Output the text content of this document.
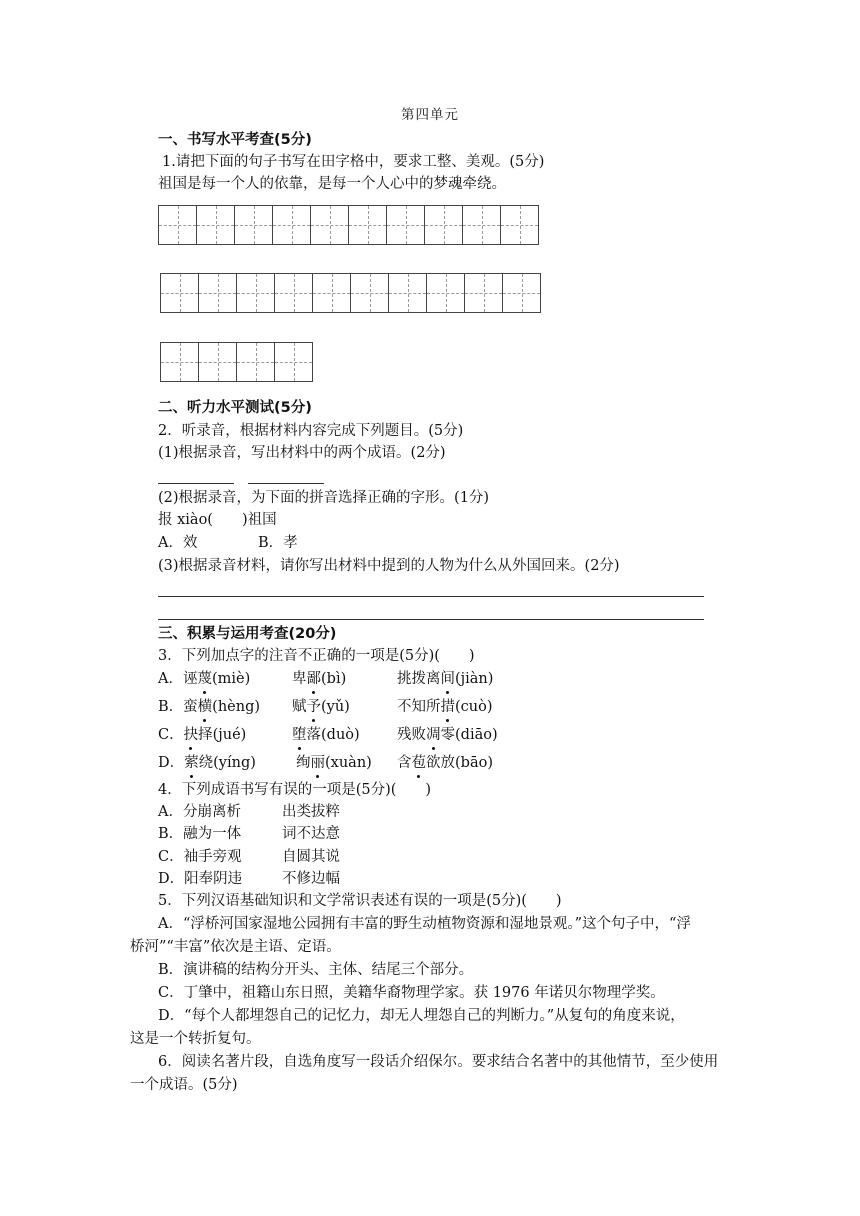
第四单元
一、书写水平考查(5分)
1.请把下面的句子书写在田字格中，要求工整、美观。(5分)
祖国是每一个人的依靠，是每一个人心中的梦魂牵绕。
二、听力水平测试(5分)
2．听录音，根据材料内容完成下列题目。(5分)
(1)根据录音，写出材料中的两个成语。(2分)
(2)根据录音，为下面的拼音选择正确的字形。(1分)
报 xiào(　　)祖国
A．效	B．孝
(3)根据录音材料，请你写出材料中提到的人物为什么从外国回来。(2分)
三、积累与运用考查(20分)
3．下列加点字的注音不正确的一项是(5分)(　　)
A．诬蔑(miè)	卑鄙(bì)	挑拨离间(jiàn)
B．蛮横(hèng) 赋予(yǔ)	不知所措(cuò)
C．抉择(jué)	堕落(duò)	残败凋零(diāo)
D．萦绕(yíng)	绚丽(xuàn) 含苞欲放(bāo)
4．下列成语书写有误的一项是(5分)(　　)
A．分崩离析	出类拔粹
B．融为一体	词不达意
C．袖手旁观	自圆其说
D．阳奉阴违	不修边幅
5．下列汉语基础知识和文学常识表述有误的一项是(5分)(　　)
A．“浮桥河国家湿地公园拥有丰富的野生动植物资源和湿地景观。”这个句子中，“浮
桥河”“丰富”依次是主语、定语。
B．演讲稿的结构分开头、主体、结尾三个部分。
C．丁肇中，祖籍山东日照，美籍华裔物理学家。获 1976 年诺贝尔物理学奖。
D．“每个人都埋怨自己的记忆力，却无人埋怨自己的判断力。”从复句的角度来说，
这是一个转折复句。
6．阅读名著片段，自选角度写一段话介绍保尔。要求结合名著中的其他情节，至少使用
一个成语。(5分)
